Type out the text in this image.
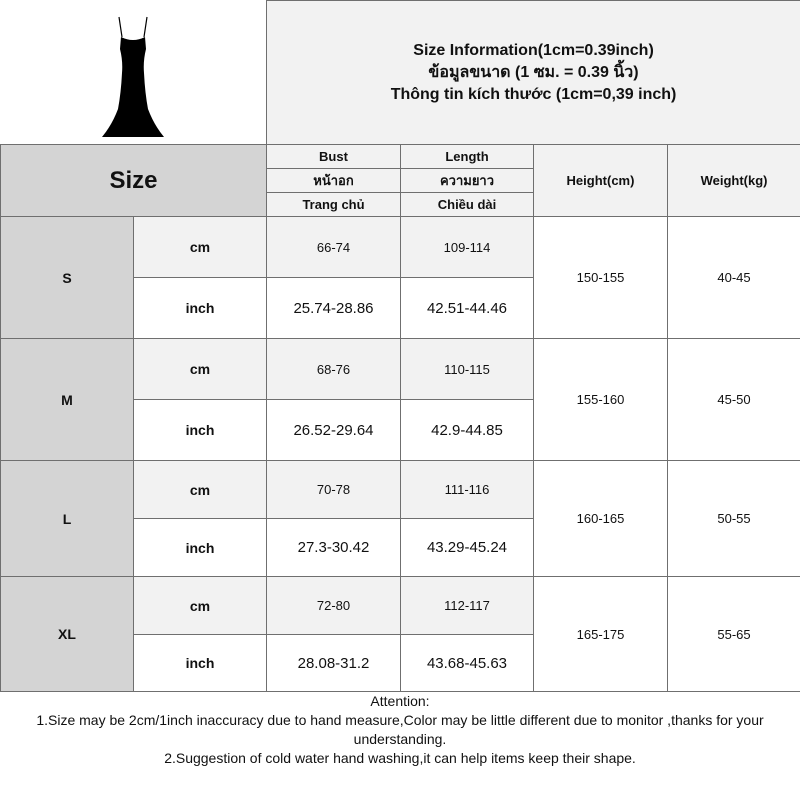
Size Information(1cm=0.39inch)
ข้อมูลขนาด (1 ซม. = 0.39 นิ้ว)
Thông tin kích thước (1cm=0,39 inch)			

Size		Bust	Length	Height(cm)	Weight(kg)
		หน้าอก	ความยาว		
		Trang chủ	Chiều dài		
S	cm	66-74	109-114	150-155	40-45
	inch	25.74-28.86	42.51-44.46		
M	cm	68-76	110-115	155-160	45-50
	inch	26.52-29.64	42.9-44.85		
L	cm	70-78	111-116	160-165	50-55
	inch	27.3-30.42	43.29-45.24		
XL	cm	72-80	112-117	165-175	55-65
	inch	28.08-31.2	43.68-45.63		
Attention:
1.Size may be 2cm/1inch inaccuracy due to hand measure,Color may be little different due to monitor ,thanks for your
understanding.
2.Suggestion of cold water hand washing,it can help items keep their shape.
